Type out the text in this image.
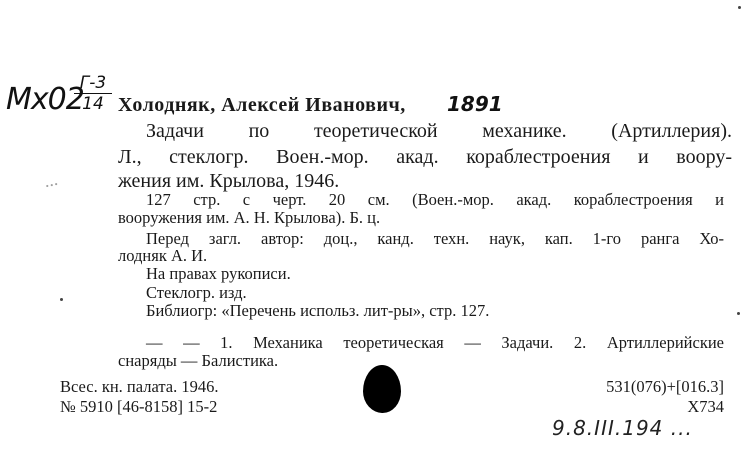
Mx02
Г-3
14 Холодняк, Алексей Иванович, 1891
Задачи по теоретической механике. (Артиллерия).
Л., стеклогр. Воен.-мор. акад. кораблестроения и воору-
жения им. Крылова, 1946.
...
127 стр. с черт. 20 см. (Воен.-мор. акад. кораблестроения и
вооружения им. А. Н. Крылова). Б. ц.
Перед загл. автор: доц., канд. техн. наук, кап. 1-го ранга Хо-
лодняк А. И.
На правах рукописи.
Стеклогр. изд.
Библиогр: «Перечень использ. лит-ры», стр. 127.
— — 1. Механика теоретическая — Задачи. 2. Артиллерийские
снаряды — Балистика.
Всес. кн. палата. 1946.
№ 5910 [46-8158] 15-2
531(076)+[016.3]
Х734
9.8.III.194 ...
